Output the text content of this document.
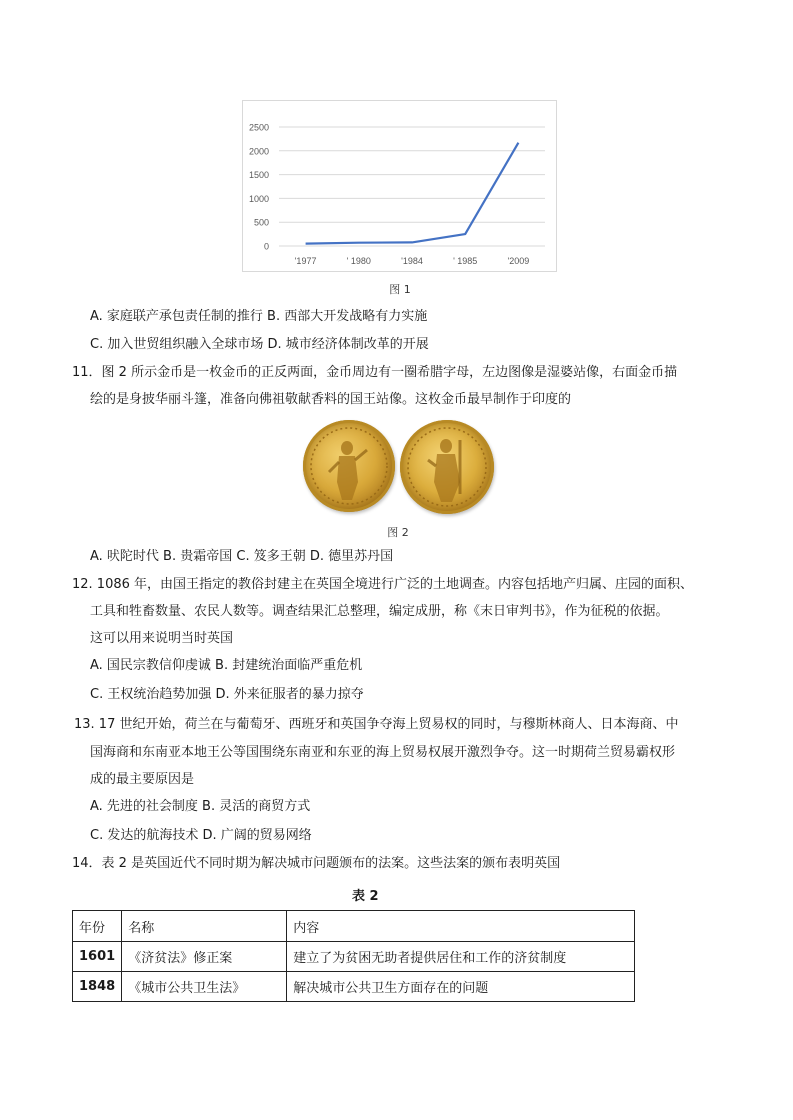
0
500
1000
1500
2000
2500
'1977	' 1980	'1984	' 1985	'2009
图 1
A. 家庭联产承包责任制的推行 B. 西部大开发战略有力实施
C. 加入世贸组织融入全球市场 D. 城市经济体制改革的开展
11．图 2 所示金币是一枚金币的正反两面，金币周边有一圈希腊字母，左边图像是湿婆站像，右面金币描
绘的是身披华丽斗篷，准备向佛祖敬献香料的国王站像。这枚金币最早制作于印度的
图 2
A. 吠陀时代 B. 贵霜帝国 C. 笈多王朝 D. 德里苏丹国
12. 1086 年，由国王指定的教俗封建主在英国全境进行广泛的土地调查。内容包括地产归属、庄园的面积、
工具和牲畜数量、农民人数等。调查结果汇总整理，编定成册，称《末日审判书》，作为征税的依据。
这可以用来说明当时英国
A. 国民宗教信仰虔诚 B. 封建统治面临严重危机
C. 王权统治趋势加强 D. 外来征服者的暴力掠夺
13. 17 世纪开始，荷兰在与葡萄牙、西班牙和英国争夺海上贸易权的同时，与穆斯林商人、日本海商、中
国海商和东南亚本地王公等国围绕东南亚和东亚的海上贸易权展开激烈争夺。这一时期荷兰贸易霸权形
成的最主要原因是
A. 先进的社会制度 B. 灵活的商贸方式
C. 发达的航海技术 D. 广阔的贸易网络
14．表 2 是英国近代不同时期为解决城市问题颁布的法案。这些法案的颁布表明英国
表 2
年份	名称	内容
1601	《济贫法》修正案	建立了为贫困无助者提供居住和工作的济贫制度
1848	《城市公共卫生法》	解决城市公共卫生方面存在的问题
